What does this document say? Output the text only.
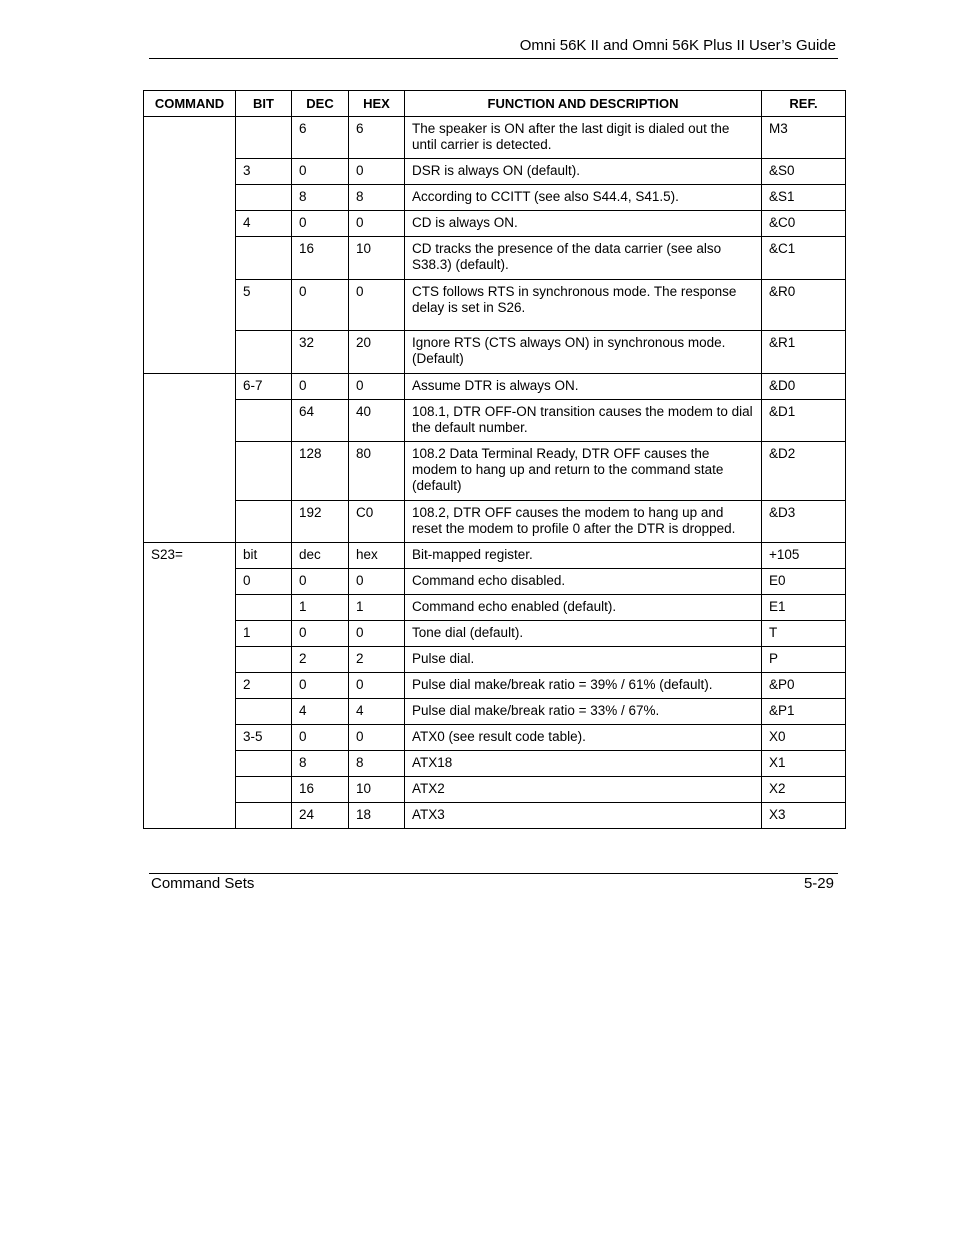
Omni 56K II and Omni 56K Plus II User’s Guide
COMMAND	BIT	DEC	HEX	FUNCTION AND DESCRIPTION	REF.
		6	6	The speaker is ON after the last digit is dialed out the until carrier is detected.	M3
	3	0	0	DSR is always ON (default).	&S0
		8	8	According to CCITT (see also S44.4, S41.5).	&S1
	4	0	0	CD is always ON.	&C0
		16	10	CD tracks the presence of the data carrier (see also S38.3) (default).	&C1
	5	0	0	CTS follows RTS in synchronous mode. The response delay is set in S26.	&R0
		32	20	Ignore RTS (CTS always ON) in synchronous mode. (Default)	&R1
	6-7	0	0	Assume DTR is always ON.	&D0
		64	40	108.1, DTR OFF-ON transition causes the modem to dial the default number.	&D1
		128	80	108.2 Data Terminal Ready, DTR OFF causes the modem to hang up and return to the command state (default)	&D2
		192	C0	108.2, DTR OFF causes the modem to hang up and reset the modem to profile 0 after the DTR is dropped.	&D3
S23=	bit	dec	hex	Bit-mapped register.	+105
	0	0	0	Command echo disabled.	E0
		1	1	Command echo enabled (default).	E1
	1	0	0	Tone dial (default).	T
		2	2	Pulse dial.	P
	2	0	0	Pulse dial make/break ratio = 39% / 61% (default).	&P0
		4	4	Pulse dial make/break ratio = 33% / 67%.	&P1
	3-5	0	0	ATX0 (see result code table).	X0
		8	8	ATX18	X1
		16	10	ATX2	X2
		24	18	ATX3	X3
Command Sets	5-29
